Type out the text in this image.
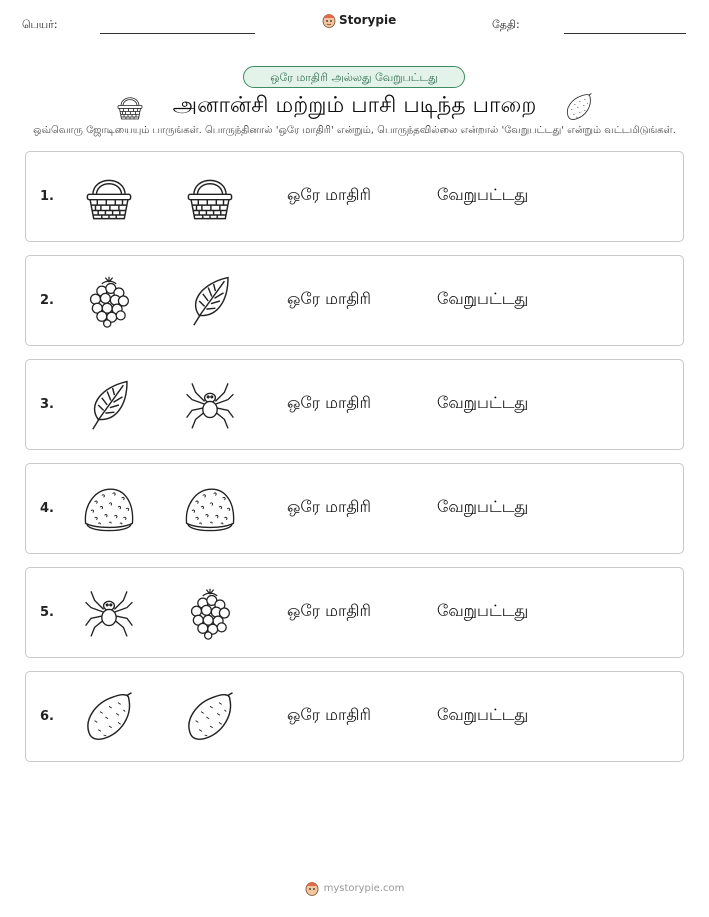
பெயர்:	Storypie	தேதி:
ஒரே மாதிரி அல்லது வேறுபட்டது
அனான்சி மற்றும் பாசி படிந்த பாறை
ஒவ்வொரு ஜோடியையும் பாருங்கள். பொருந்தினால் 'ஒரே மாதிரி' என்றும், பொருந்தவில்லை என்றால் 'வேறுபட்டது' என்றும் வட்டமிடுங்கள்.
1.	ஒரே மாதிரி	வேறுபட்டது
2.	ஒரே மாதிரி	வேறுபட்டது
3.	ஒரே மாதிரி	வேறுபட்டது
4.	ஒரே மாதிரி	வேறுபட்டது
5.	ஒரே மாதிரி	வேறுபட்டது
6.	ஒரே மாதிரி	வேறுபட்டது
mystorypie.com
